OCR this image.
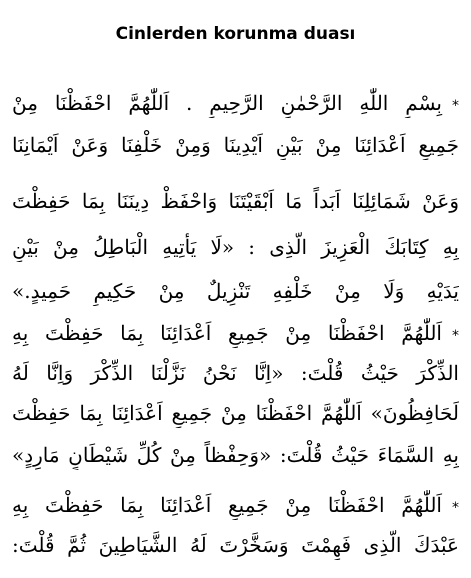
Cinlerden korunma duası
*بِسْمِ اللّٰهِ الرَّحْمٰنِ الرَّحِيمِ . اَللّٰهُمَّ احْفَظْنَا مِنْ
جَمِيعِ اَعْدَائِنَا مِنْ بَيْنِ اَيْدِينَا وَمِنْ خَلْفِنَا وَعَنْ اَيْمَانِنَا
وَعَنْ شَمَائِلِنَا اَبَداً مَا اَبْقَيْتَنَا وَاحْفَظْ دِينَنَا بِمَا حَفِظْتَ
بِهِ كِتَابَكَ الْعَزِيزَ الَّذِى : «لَا يَأْتِيهِ الْبَاطِلُ مِنْ بَيْنِ
يَدَيْهِ وَلَا مِنْ خَلْفِهِ تَنْزِيلٌ مِنْ حَكِيمٍ حَمِيدٍ.»
*اَللّٰهُمَّ احْفَظْنَا مِنْ جَمِيعِ اَعْدَائِنَا بِمَا حَفِظْتَ بِهِ
الذِّكْرَ حَيْثُ قُلْتَ: «اِنَّا نَحْنُ نَزَّلْنَا الذِّكْرَ وَاِنَّا لَهُ
لَحَافِظُونَ» اَللّٰهُمَّ احْفَظْنَا مِنْ جَمِيعِ اَعْدَائِنَا بِمَا حَفِظْتَ
بِهِ السَّمَاءَ حَيْثُ قُلْتَ: «وَحِفْظاً مِنْ كُلِّ شَيْطَانٍ مَارِدٍ»
*اَللّٰهُمَّ احْفَظْنَا مِنْ جَمِيعِ اَعْدَائِنَا بِمَا حَفِظْتَ بِهِ
عَبْدَكَ الَّذِى فَهِمْتَ وَسَخَّرْتَ لَهُ الشَّيَاطِينَ ثُمَّ قُلْتَ:
